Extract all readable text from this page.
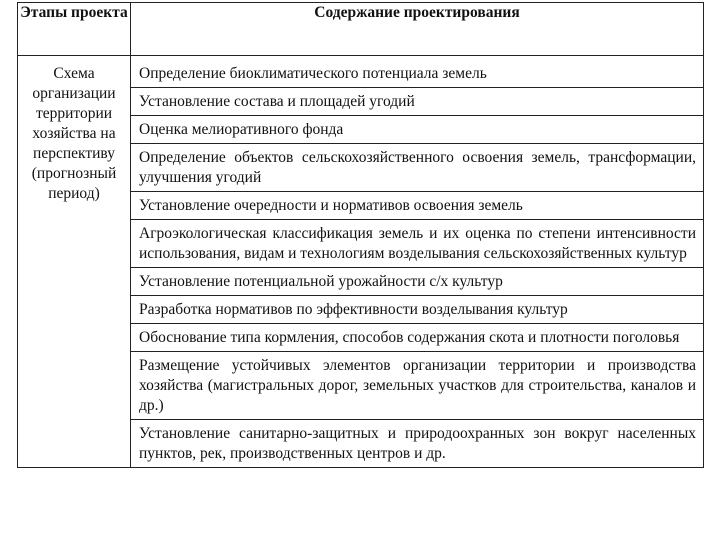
Этапы проекта	Содержание проектирования
Схема организации территории хозяйства на перспективу (прогнозный период)	Определение биоклиматического потенциала земель
	Установление состава и площадей угодий
	Оценка мелиоративного фонда
	Определение объектов сельскохозяйственного освоения земель, трансформации, улучшения угодий
	Установление очередности и нормативов освоения земель
	Агроэкологическая классификация земель и их оценка по степени интенсивности использования, видам и технологиям возделывания сельскохозяйственных культур
	Установление потенциальной урожайности с/х культур
	Разработка нормативов по эффективности возделывания культур
	Обоснование типа кормления, способов содержания скота и плотности поголовья
	Размещение устойчивых элементов организации территории и производства хозяйства (магистральных дорог, земельных участков для строительства, каналов и др.)
	Установление санитарно-защитных и природоохранных зон вокруг населенных пунктов, рек, производственных центров и др.
